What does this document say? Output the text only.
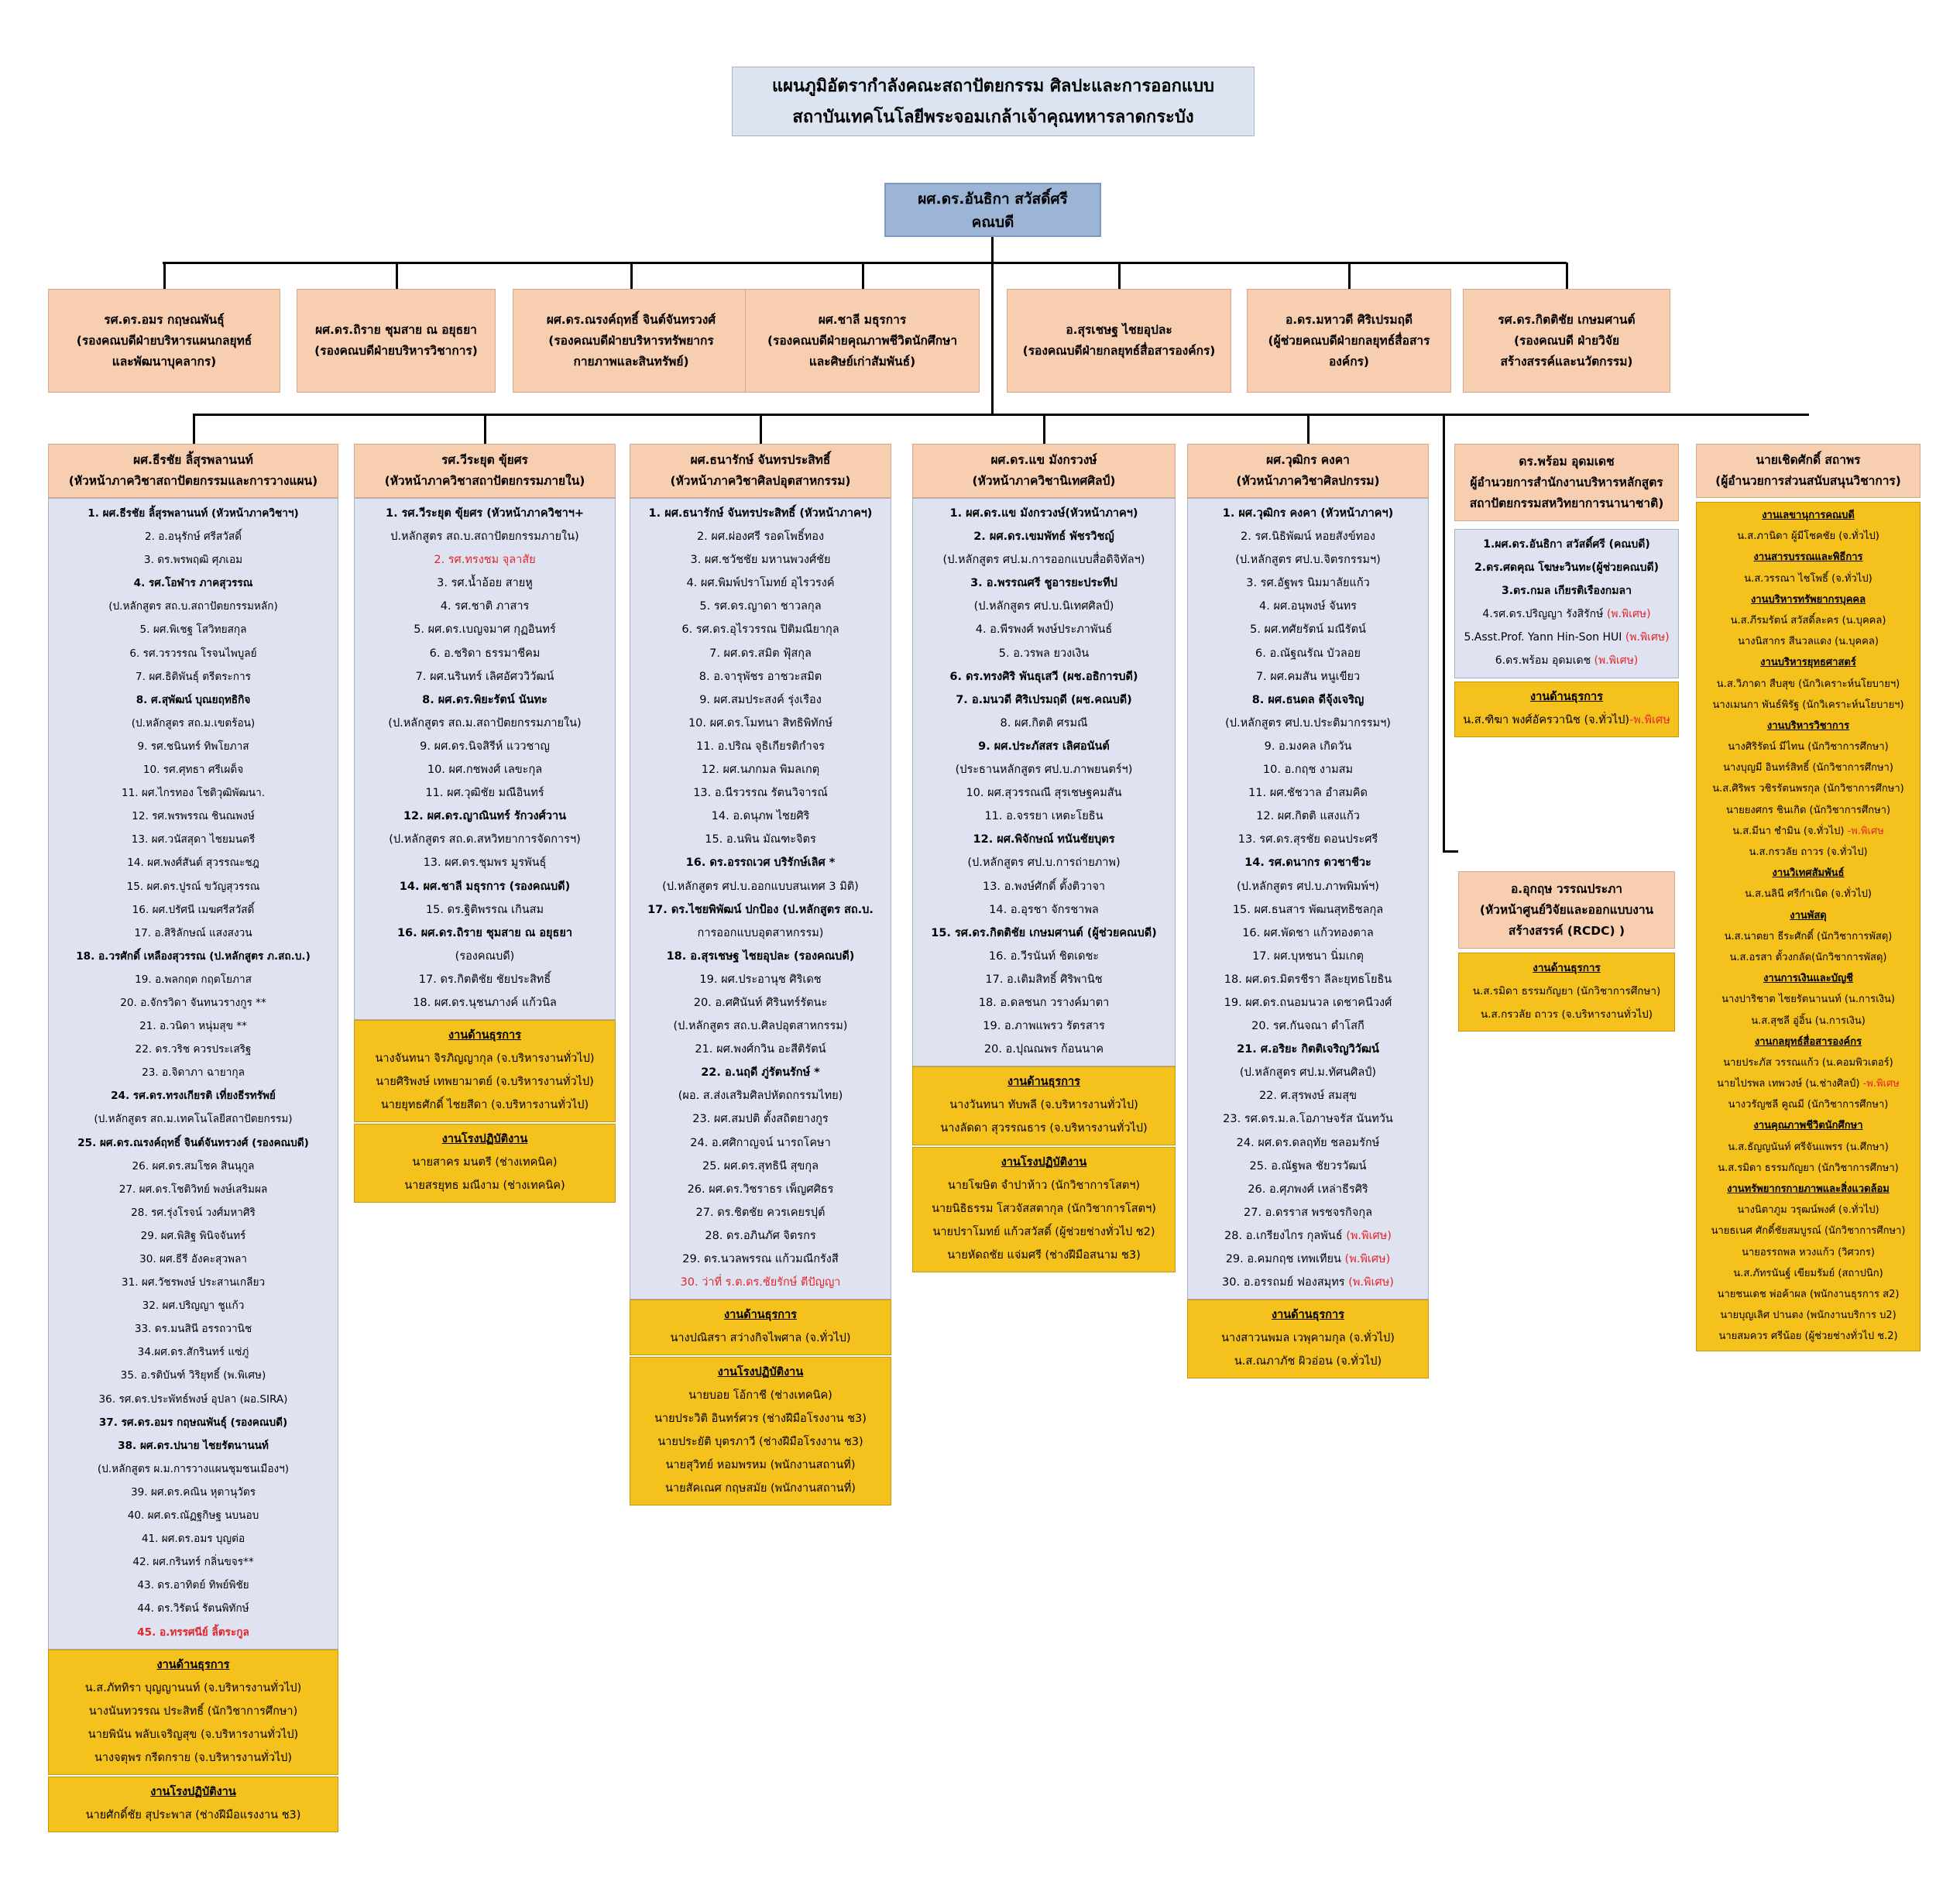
แผนภูมิอัตรากำลังคณะสถาปัตยกรรม ศิลปะและการออกแบบ
สถาบันเทคโนโลยีพระจอมเกล้าเจ้าคุณทหารลาดกระบัง
ผศ.ดร.อันธิกา สวัสดิ์ศรี
คณบดี
รศ.ดร.อมร กฤษณพันธุ์
(รองคณบดีฝ่ายบริหารแผนกลยุทธ์
และพัฒนาบุคลากร)
ผศ.ดร.ถิราย ชุมสาย ณ อยุธยา
(รองคณบดีฝ่ายบริหารวิชาการ)
ผศ.ดร.ณรงค์ฤทธิ์ จินต์จันทรวงศ์
(รองคณบดีฝ่ายบริหารทรัพยากร
กายภาพและสินทรัพย์)
ผศ.ชาลี มธุรการ
(รองคณบดีฝ่ายคุณภาพชีวิตนักศึกษา
และศิษย์เก่าสัมพันธ์)
อ.สุรเชษฐ ไชยอุปละ
(รองคณบดีฝ่ายกลยุทธ์สื่อสารองค์กร)
อ.ดร.มหาวดี ศิริเปรมฤดี
(ผู้ช่วยคณบดีฝ่ายกลยุทธ์สื่อสาร
องค์กร)
รศ.ดร.กิตติชัย เกษมศานต์
(รองคณบดี ฝ่ายวิจัย
สร้างสรรค์และนวัตกรรม)
ผศ.ธีรชัย ลิ้สุรพลานนท์
(หัวหน้าภาควิชาสถาปัตยกรรมและการวางแผน)
1. ผศ.ธีรชัย ลิ้สุรพลานนท์ (หัวหน้าภาควิชาฯ)
2. อ.อนุรักษ์ ศรีสวัสดิ์
3. ดร.พรพฤฒิ ศุภเอม
4. รศ.โอฬาร ภาคสุวรรณ
(ป.หลักสูตร สถ.บ.สถาปัตยกรรมหลัก)
5. ผศ.พิเชฐ โสวิทยสกุล
6. รศ.วรวรรณ โรจนไพบูลย์
7. ผศ.ธิติพันธุ์ ตรีตระการ
8. ศ.สุพัฒน์ บุณยฤทธิกิจ
(ป.หลักสูตร สถ.ม.เขตร้อน)
9. รศ.ชนินทร์ ทิพโยภาส
10. รศ.ศุทธา ศรีเผด็จ
11. ผศ.ไกรทอง โชติวุฒิพัฒนา.
12. รศ.พรพรรณ ชินณพงษ์
13. ผศ.วนัสสุดา ไชยมนตรี
14. ผศ.พงศ์สันต์ สุวรรณะชฎ
15. ผศ.ดร.ปูรณ์ ขวัญสุวรรณ
16. ผศ.ปรัศนี เมฆศรีสวัสดิ์
17. อ.สิริลักษณ์ แสงสงวน
18. อ.วรศักดิ์ เหลืองสุวรรณ (ป.หลักสูตร ภ.สถ.บ.)
19. อ.พลกฤต กฤตโยภาส
20. อ.จักรวิดา จันทนวรางกูร **
21. อ.วนิดา หนุ่มสุข **
22. ดร.วริช ควรประเสริฐ
23. อ.จิดาภา ฉายากุล
24. รศ.ดร.ทรงเกียรติ เที่ยงธีรทรัพย์
(ป.หลักสูตร สถ.ม.เทคโนโลยีสถาปัตยกรรม)
25. ผศ.ดร.ณรงค์ฤทธิ์ จินต์จันทรวงศ์ (รองคณบดี)
26. ผศ.ดร.สมโชค สินนุกูล
27. ผศ.ดร.โชติวิทย์ พงษ์เสริมผล
28. รศ.รุ่งโรจน์ วงศ์มหาศิริ
29. ผศ.พิสิฐ พินิจจันทร์
30. ผศ.ธีรี อังคะสุวพลา
31. ผศ.วัชรพงษ์ ประสานเกลียว
32. ผศ.ปริญญา ชูแก้ว
33. ดร.มนสินี อรรถวานิช
34.ผศ.ดร.สักรินทร์ แซ่ภู่
35. อ.รติบันฑ์ วิริยุทธิ์ (พ.พิเศษ)
36. รศ.ดร.ประพัทธ์พงษ์ อุปลา (ผอ.SIRA)
37. รศ.ดร.อมร กฤษณพันธุ์ (รองคณบดี)
38. ผศ.ดร.ปนาย ไชยรัตนานนท์
(ป.หลักสูตร ผ.ม.การวางแผนชุมชนเมืองฯ)
39. ผศ.ดร.คณิน หุตานุวัตร
40. ผศ.ดร.ณัฏฐกิษฐ นบนอบ
41. ผศ.ดร.อมร บุญต่อ
42. ผศ.กรินทร์ กลิ่นขจร**
43. ดร.อาทิตย์ ทิพย์พิชัย
44. ดร.วิรัตน์ รัตนพิทักษ์
45. อ.ทรรศนีย์ ลิ้ตระกูล
งานด้านธุรการ
น.ส.ภัททิรา บุญญานนท์ (จ.บริหารงานทั่วไป)
นางนันทวรรณ ประสิทธิ์ (นักวิชาการศึกษา)
นายพินัน พลับเจริญสุข (จ.บริหารงานทั่วไป)
นางจตุพร กรีดกราย (จ.บริหารงานทั่วไป)
งานโรงปฏิบัติงาน
นายศักดิ์ชัย สุประพาส (ช่างฝีมือแรงงาน ช3)
รศ.วีระยุต ขุ้ยศร
(หัวหน้าภาควิชาสถาปัตยกรรมภายใน)
1. รศ.วีระยุต ขุ้ยศร (หัวหน้าภาควิชาฯ+
ป.หลักสูตร สถ.บ.สถาปัตยกรรมภายใน)
2. รศ.ทรงชม จุลาสัย
3. รศ.น้ำอ้อย สายหู
4. รศ.ชาติ ภาสาร
5. ผศ.ดร.เบญจมาศ กุฏอินทร์
6. อ.ชริดา ธรรมาชีคม
7. ผศ.นรินทร์ เลิศอัศววิวัฒน์
8. ผศ.ดร.พิยะรัตน์ นันทะ
(ป.หลักสูตร สถ.ม.สถาปัตยกรรมภายใน)
9. ผศ.ดร.นิจสิรีห์ แววชาญ
10. ผศ.กชพงศ์ เลขะกุล
11. ผศ.วุฒิชัย มณีอินทร์
12. ผศ.ดร.ญาณินทร์ รักวงศ์วาน
(ป.หลักสูตร สถ.ด.สหวิทยาการจัดการฯ)
13. ผศ.ดร.ชุมพร มูรพันธุ์
14. ผศ.ชาลี มธุรการ (รองคณบดี)
15. ดร.ฐิติพรรณ เกินสม
16. ผศ.ดร.ถิราย ชุมสาย ณ อยุธยา
(รองคณบดี)
17. ดร.กิตติชัย ชัยประสิทธิ์
18. ผศ.ดร.นุชนภางค์ แก้วนิล
งานด้านธุรการ
นางจันทนา จิรภิญญากุล (จ.บริหารงานทั่วไป)
นายศิริพงษ์ เทพยามาตย์ (จ.บริหารงานทั่วไป)
นายยุทธศักดิ์ ไชยสีดา (จ.บริหารงานทั่วไป)
งานโรงปฏิบัติงาน
นายสาคร มนตรี (ช่างเทคนิค)
นายสรยุทธ มณีงาม (ช่างเทคนิค)
ผศ.ธนารักษ์ จันทรประสิทธิ์
(หัวหน้าภาควิชาศิลปอุตสาหกรรม)
1. ผศ.ธนารักษ์ จันทรประสิทธิ์ (หัวหน้าภาคฯ)
2. ผศ.ผ่องศรี รอดโพธิ์ทอง
3. ผศ.ชวัชชัย มหานพวงศ์ชัย
4. ผศ.พิมพ์ปราโมทย์ อุไรวรงค์
5. รศ.ดร.ญาดา ชาวลกุล
6. รศ.ดร.อุไรวรรณ ปิติมณียากุล
7. ผศ.ดร.สมิต ฟุ้สกุล
8. อ.จารุพัชร อาชวะสมิต
9. ผศ.สมประสงค์ รุ่งเรือง
10. ผศ.ดร.โมทนา สิทธิพิทักษ์
11. อ.ปริณ จุธิเกียรติกำจร
12. ผศ.นภกมล พิมลเกตุ
13. อ.นีรวรรณ รัตนวิจารณ์
14. อ.ดนุภพ ไชยศิริ
15. อ.นพิน มัณฑะจิตร
16. ดร.อรรถเวศ บริรักษ์เลิศ *
(ป.หลักสูตร ศป.บ.ออกแบบสนเทศ 3 มิติ)
17. ดร.ไชยพิพัฒน์ ปกป้อง (ป.หลักสูตร สถ.บ.
การออกแบบอุตสาหกรรม)
18. อ.สุรเชษฐ ไชยอุปละ (รองคณบดี)
19. ผศ.ประอานุช ศิริเดช
20. อ.ศศินันท์ ศิรินทร์รัตนะ
(ป.หลักสูตร สถ.บ.ศิลปอุตสาหกรรม)
21. ผศ.พงศ์กวิน อะสีติรัตน์
22. อ.นฤดี ภู่รัตนรักษ์ *
(ผอ. ส.ส่งเสริมศิลปหัตถกรรมไทย)
23. ผศ.สมปติ ตั้งสถิตยางกูร
24. อ.ศศิกาญจน์ นารถโคษา
25. ผศ.ดร.สุทธินี สุขกุล
26. ผศ.ดร.วิชราธร เพ็ญศศิธร
27. ดร.ชิตชัย ควรเคยรปุต์
28. ดร.อภินภัศ จิตรกร
29. ดร.นวลพรรณ แก้วมณีกรังสี
30. ว่าที่ ร.ต.ดร.ชัยรักษ์ ตีปัญญา
งานด้านธุรการ
นางปณิสรา สว่างกิจไพศาล (จ.ทั่วไป)
งานโรงปฏิบัติงาน
นายบอย โอ้กาชี (ช่างเทคนิค)
นายประวิติ อินทร์ศวร (ช่างฝีมือโรงงาน ช3)
นายประยัติ บุตรภาวี (ช่างฝีมือโรงงาน ช3)
นายสุวิทย์ หอมพรหม (พนักงานสถานที่)
นายสัคเณศ กฤษสมัย (พนักงานสถานที่)
ผศ.ดร.แข มังกรวงษ์
(หัวหน้าภาควิชานิเทศศิลป์)
1. ผศ.ดร.แข มังกรวงษ์(หัวหน้าภาคฯ)
2. ผศ.ดร.เขมพัทธ์ พัชรวิชญ์
(ป.หลักสูตร ศป.ม.การออกแบบสื่อดิจิทัลฯ)
3. อ.พรรณศรี ชูอารยะประทีป
(ป.หลักสูตร ศป.บ.นิเทศศิลป์)
4. อ.พีรพงศ์ พงษ์ประภาพันธ์
5. อ.วรพล ยวงเงิน
6. ดร.ทรงศิริ พันธุเสวี (ผช.อธิการบดี)
7. อ.มนวดี ศิริเปรมฤดี (ผช.คณบดี)
8. ผศ.กิตติ ศรมณี
9. ผศ.ประภัสสร เลิศอนันต์
(ประธานหลักสูตร ศป.บ.ภาพยนตร์ฯ)
10. ผศ.สุวรรณณี สุรเชษฐคมสัน
11. อ.จรรยา เหตะโยธิน
12. ผศ.พิจักษณ์ ทนันชัยบุตร
(ป.หลักสูตร ศป.บ.การถ่ายภาพ)
13. อ.พงษ์ศักดิ์ ตั้งติวาจา
14. อ.อุรชา จักรชาพล
15. รศ.ดร.กิตติชัย เกษมศานต์ (ผู้ช่วยคณบดี)
16. อ.วีรนันท์ ชิตเดชะ
17. อ.เติมสิทธิ์ ศิริพานิช
18. อ.ดลชนก วรางค์มาตา
19. อ.ภาพแพรว รัตรสาร
20. อ.ปุณณพร ก้อนนาค
งานด้านธุรการ
นางวันทนา ทับพลี (จ.บริหารงานทั่วไป)
นางลัดดา สุวรรณธาร (จ.บริหารงานทั่วไป)
งานโรงปฏิบัติงาน
นายโฆษิต จำปาห้าว (นักวิชาการโสตฯ)
นายนิธิธรรม โสวจัสสตากุล (นักวิชาการโสตฯ)
นายปราโมทย์ แก้วสวัสดิ์ (ผู้ช่วยช่างทั่วไป ช2)
นายหัดถชัย แจ่มศรี (ช่างฝีมือสนาม ช3)
ผศ.วุฒิกร คงคา
(หัวหน้าภาควิชาศิลปกรรม)
1. ผศ.วุฒิกร คงคา (หัวหน้าภาคฯ)
2. รศ.นิธิพัฒน์ หอยสังข์ทอง
(ป.หลักสูตร ศป.บ.จิตรกรรมฯ)
3. รศ.อัฐพร นิมมาลัยแก้ว
4. ผศ.อนุพงษ์ จันทร
5. ผศ.ทศัยรัตน์ มณีรัตน์
6. อ.ณัฐณรัณ บัวลอย
7. ผศ.คมสัน หนูเขียว
8. ผศ.ธนดล ดีจุ้งเจริญ
(ป.หลักสูตร ศป.บ.ประติมากรรมฯ)
9. อ.มงคล เกิดวัน
10. อ.กฤช งามสม
11. ผศ.ชัชวาล อำสมคิด
12. ผศ.กิตติ แสงแก้ว
13. รศ.ดร.สุรชัย ดอนประศรี
14. รศ.ดนากร ดวชาชีวะ
(ป.หลักสูตร ศป.บ.ภาพพิมพ์ฯ)
15. ผศ.ธนสาร พัฒนสุทธิชลกุล
16. ผศ.พัดชา แก้วทองตาล
17. ผศ.บุหชนา นิ่มเกตุ
18. ผศ.ดร.มิตรชีรา ลีละยุทธโยธิน
19. ผศ.ดร.ถนอมนวล เดชาคนีวงศ์
20. รศ.กันจณา ดำโสกี
21. ศ.อริยะ กิตติเจริญวิวัฒน์
(ป.หลักสูตร ศป.ม.ทัศนศิลป์)
22. ศ.สุรพงษ์ สมสุข
23. รศ.ดร.ม.ล.โอภาษจรัส นันทวัน
24. ผศ.ดร.ดลฤทัย ชลอมรักษ์
25. อ.ณัฐพล ชัยวรวัฒน์
26. อ.ศุภพงศ์ เหล่าธีรศิริ
27. อ.ดรราส พรชจรกิจกุล
28. อ.เกรียงไกร กุลพันธ์ (พ.พิเศษ)
29. อ.คมกฤช เทพเทียน (พ.พิเศษ)
30. อ.อรรถมย์ ฟองสมุทร (พ.พิเศษ)
งานด้านธุรการ
นางสาวนพมล เวพุคามกุล (จ.ทั่วไป)
น.ส.ณภาภัช ผิวอ่อน (จ.ทั่วไป)
ดร.พร้อม อุดมเดช
ผู้อำนวยการสำนักงานบริหารหลักสูตร
สถาปัตยกรรมสหวิทยาการนานาชาติ)
1.ผศ.ดร.อันธิกา สวัสดิ์ศรี (คณบดี)
2.ดร.ศดคุณ โฆษะวินทะ(ผู้ช่วยคณบดี)
3.ดร.กมล เกียรติเรืองกมลา
4.รศ.ดร.ปริญญา รังสิรักษ์ (พ.พิเศษ)
5.Asst.Prof. Yann Hin-Son HUI (พ.พิเศษ)
6.ดร.พร้อม อุดมเดช (พ.พิเศษ)
งานด้านธุรการ
น.ส.ฑิฆา พงศ์อัครวานิช (จ.ทั่วไป)-พ.พิเศษ
อ.อุกฤษ วรรณประภา
(หัวหน้าศูนย์วิจัยและออกแบบงาน
สร้างสรรค์ (RCDC) )
งานด้านธุรการ
น.ส.รมิดา ธรรมกัญยา (นักวิชาการศึกษา)
น.ส.กรวลัย ถาวร (จ.บริหารงานทั่วไป)
นายเชิดศักดิ์ สถาพร
(ผู้อำนวยการส่วนสนับสนุนวิชาการ)
งานเลขานุการคณบดี
น.ส.ภานิดา ผู้มีโชคชัย (จ.ทั่วไป)
งานสารบรรณและพิธีการ
น.ส.วรรณา ไชโพธิ์ (จ.ทั่วไป)
งานบริหารทรัพยากรบุคคล
น.ส.ภีรมรัตน์ สวัสดิ์ละคร (น.บุคคล)
นางนิสากร สีนวลแดง (น.บุคคล)
งานบริหารยุทธศาสตร์
น.ส.วิภาดา สืบสุข (นักวิเคราะห์นโยบายฯ)
นางเมนกา พันธ์พิรัฐ (นักวิเคราะห์นโยบายฯ)
งานบริหารวิชาการ
นางศิริรัตน์ มีไทน (นักวิชาการศึกษา)
นางบุญมี อินทร์สิทธิ์ (นักวิชาการศึกษา)
น.ส.ศิริพร วชิรรัตนพรกุล (นักวิชาการศึกษา)
นายยงศกร ชินเกิด (นักวิชาการศึกษา)
น.ส.มีนา ชำมิน (จ.ทั่วไป) -พ.พิเศษ
น.ส.กรวลัย ถาวร (จ.ทั่วไป)
งานวิเทศสัมพันธ์
น.ส.นลินี ศรีกำเนิด (จ.ทั่วไป)
งานพัสดุ
น.ส.นาตยา ธีระศักดิ์ (นักวิชาการพัสดุ)
น.ส.อรสา ตั้วงกลัด(นักวิชาการพัสดุ)
งานการเงินและบัญชี
นางปาริชาต ไชยรัตนานนท์ (น.การเงิน)
น.ส.สุชลี อู่อิ้น (น.การเงิน)
งานกลยุทธ์สื่อสารองค์กร
นายประภัส วรรณแก้ว (น.คอมพิวเตอร์)
นายไปรพล เทพวงษ์ (น.ช่างศิลป์) -พ.พิเศษ
นางวรัญชลี คูณมี (นักวิชาการศึกษา)
งานคุณภาพชีวิตนักศึกษา
น.ส.ธัญญนันท์ ศรีจันแพรร (น.ศึกษา)
น.ส.รมิดา ธรรมกัญยา (นักวิชาการศึกษา)
งานทรัพยากรกายภาพและสิ่งแวดล้อม
นางนิตาภูม วรุฒน์พงศ์ (จ.ทั่วไป)
นายธเนศ ศักดิ์ชัยสมบูรณ์ (นักวิชาการศึกษา)
นายอรรถพล หวงแก้ว (วิศวกร)
น.ส.ภัทรนันฐ์ เขียมรัมย์ (สถาปนิก)
นายชนเดช พ่อค้าผล (พนักงานธุรการ ส2)
นายบุญเลิศ ปานตง (พนักงานบริการ บ2)
นายสมควร ศรีน้อย (ผู้ช่วยช่างทั่วไป ช.2)
